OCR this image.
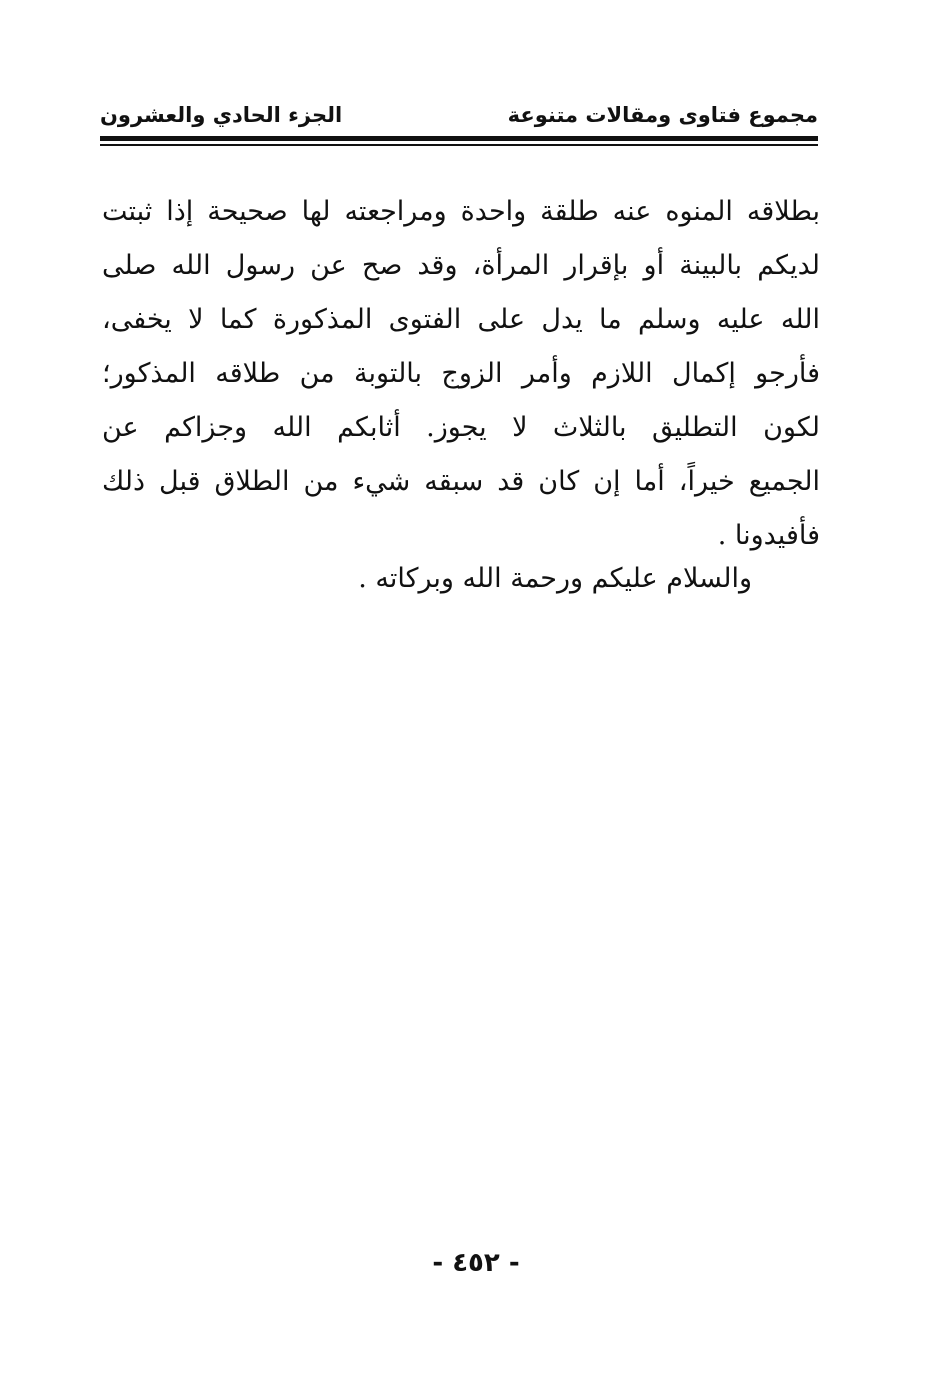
مجموع فتاوى ومقالات متنوعة
الجزء الحادي والعشرون
بطلاقه المنوه عنه طلقة واحدة ومراجعته لها صحيحة إذا ثبتت
لديكم بالبينة أو بإقرار المرأة، وقد صح عن رسول الله صلى
الله عليه وسلم ما يدل على الفتوى المذكورة كما لا يخفى،
فأرجو إكمال اللازم وأمر الزوج بالتوبة من طلاقه المذكور؛
لكون التطليق بالثلاث لا يجوز. أثابكم الله وجزاكم عن
الجميع خيراً، أما إن كان قد سبقه شيء من الطلاق قبل ذلك
فأفيدونا .
والسلام عليكم ورحمة الله وبركاته .
- ٤٥٢ -
